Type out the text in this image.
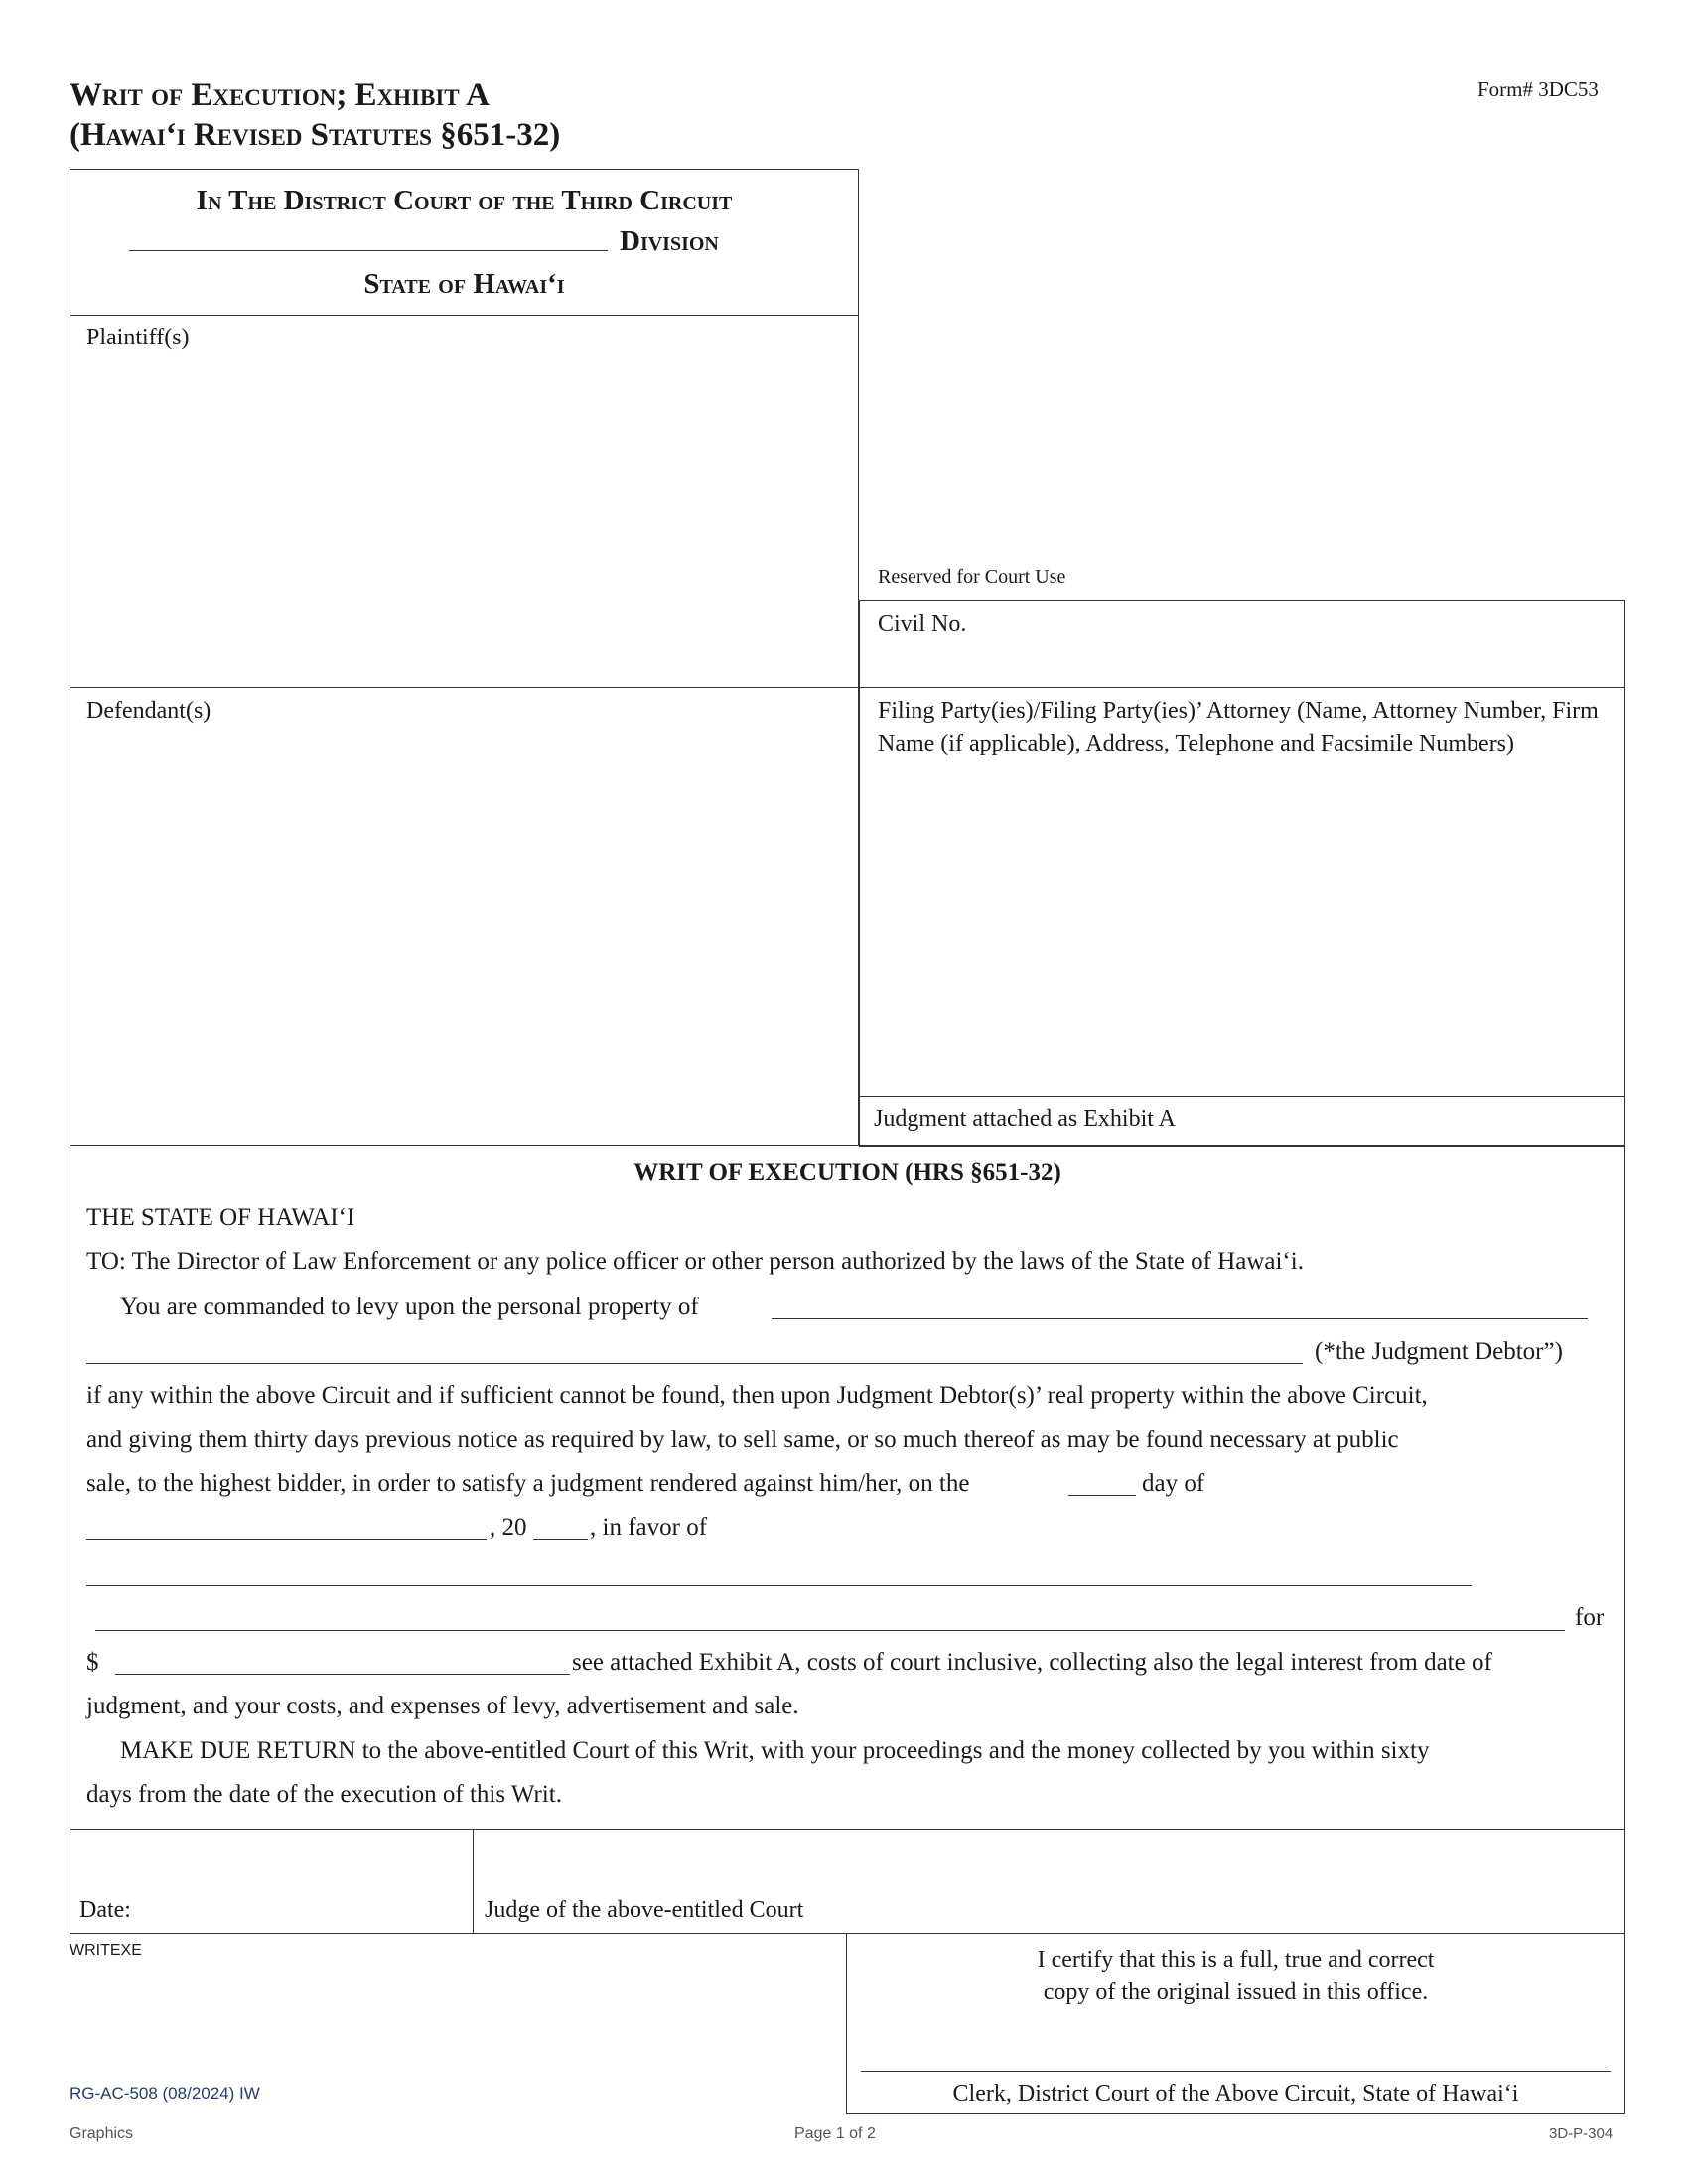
Writ of Execution; Exhibit A
(Hawai‘i Revised Statutes §651-32)
Form# 3DC53
In The District Court of the Third Circuit
Division
State of Hawai‘i
Plaintiff(s)
Defendant(s)
Reserved for Court Use
Civil No.
Filing Party(ies)/Filing Party(ies)’ Attorney (Name, Attorney Number, Firm Name (if applicable), Address, Telephone and Facsimile Numbers)
Judgment attached as Exhibit A
WRIT OF EXECUTION (HRS §651-32)
THE STATE OF HAWAI‘I
TO: The Director of Law Enforcement or any police officer or other person authorized by the laws of the State of Hawai‘i.
You are commanded to levy upon the personal property of
(*the Judgment Debtor”)
if any within the above Circuit and if sufficient cannot be found, then upon Judgment Debtor(s)’ real property within the above Circuit,
and giving them thirty days previous notice as required by law, to sell same, or so much thereof as may be found necessary at public
sale, to the highest bidder, in order to satisfy a judgment rendered against him/her, on the	day of
, 20	, in favor of
for
$	see attached Exhibit A, costs of court inclusive, collecting also the legal interest from date of
judgment, and your costs, and expenses of levy, advertisement and sale.
MAKE DUE RETURN to the above-entitled Court of this Writ, with your proceedings and the money collected by you within sixty
days from the date of the execution of this Writ.
Date:	Judge of the above-entitled Court
WRITEXE	I certify that this is a full, true and correct
copy of the original issued in this office.
Clerk, District Court of the Above Circuit, State of Hawai‘i
RG-AC-508 (08/2024) IW
Graphics	Page 1 of 2	3D-P-304
